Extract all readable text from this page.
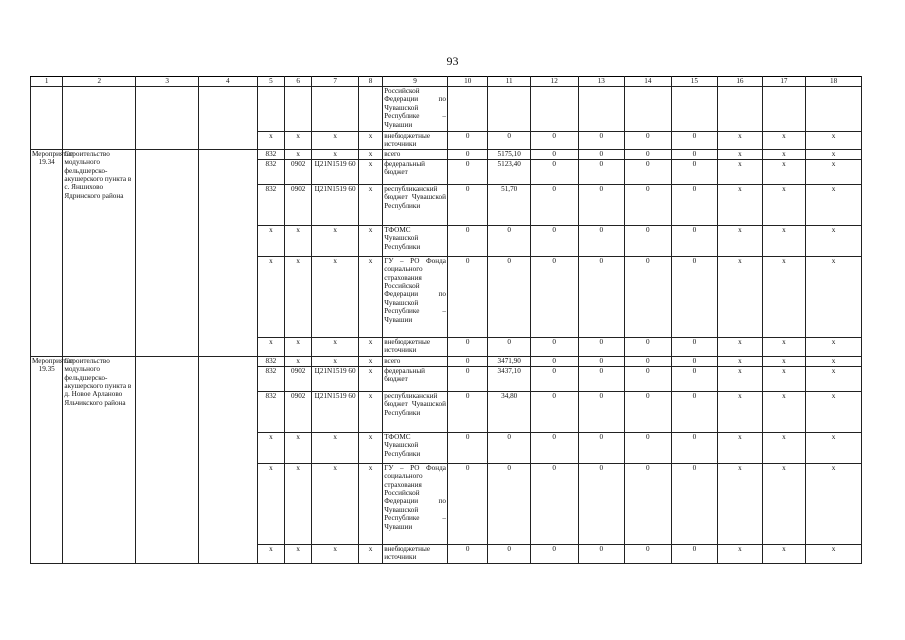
93
1	2	3	4	5	6	7	8	9	10	11	12	13	14	15	16	17	18
								Российской Федерации по Чувашской Республике – Чувашии									
				x	x	x	x	внебюджетные источники	0	0	0	0	0	0	x	x	x
Мероприятие 19.34	Строительство модульного фельдшерско-акушерского пункта в с. Яншихово Ядринского района			832	x	x	x	всего	0	5175,10	0	0	0	0	x	x	x
				832	0902	Ц21N1519 60	x	федеральный бюджет	0	5123,40	0	0	0	0	x	x	x
				832	0902	Ц21N1519 60	x	республиканский бюджет Чувашской Республики	0	51,70	0	0	0	0	x	x	x
				x	x	x	x	ТФОМС Чувашской Республики	0	0	0	0	0	0	x	x	x
				x	x	x	x	ГУ – РО Фонда социального страхования Российской Федерации по Чувашской Республике – Чувашии	0	0	0	0	0	0	x	x	x
				x	x	x	x	внебюджетные источники	0	0	0	0	0	0	x	x	x
Мероприятие 19.35	Строительство модульного фельдшерско-акушерского пункта в д. Новое Арланово Яльчикского района			832	x	x	x	всего	0	3471,90	0	0	0	0	x	x	x
				832	0902	Ц21N1519 60	x	федеральный бюджет	0	3437,10	0	0	0	0	x	x	x
				832	0902	Ц21N1519 60	x	республиканский бюджет Чувашской Республики	0	34,80	0	0	0	0	x	x	x
				x	x	x	x	ТФОМС Чувашской Республики	0	0	0	0	0	0	x	x	x
				x	x	x	x	ГУ – РО Фонда социального страхования Российской Федерации по Чувашской Республике – Чувашии	0	0	0	0	0	0	x	x	x
				x	x	x	x	внебюджетные источники	0	0	0	0	0	0	x	x	x
